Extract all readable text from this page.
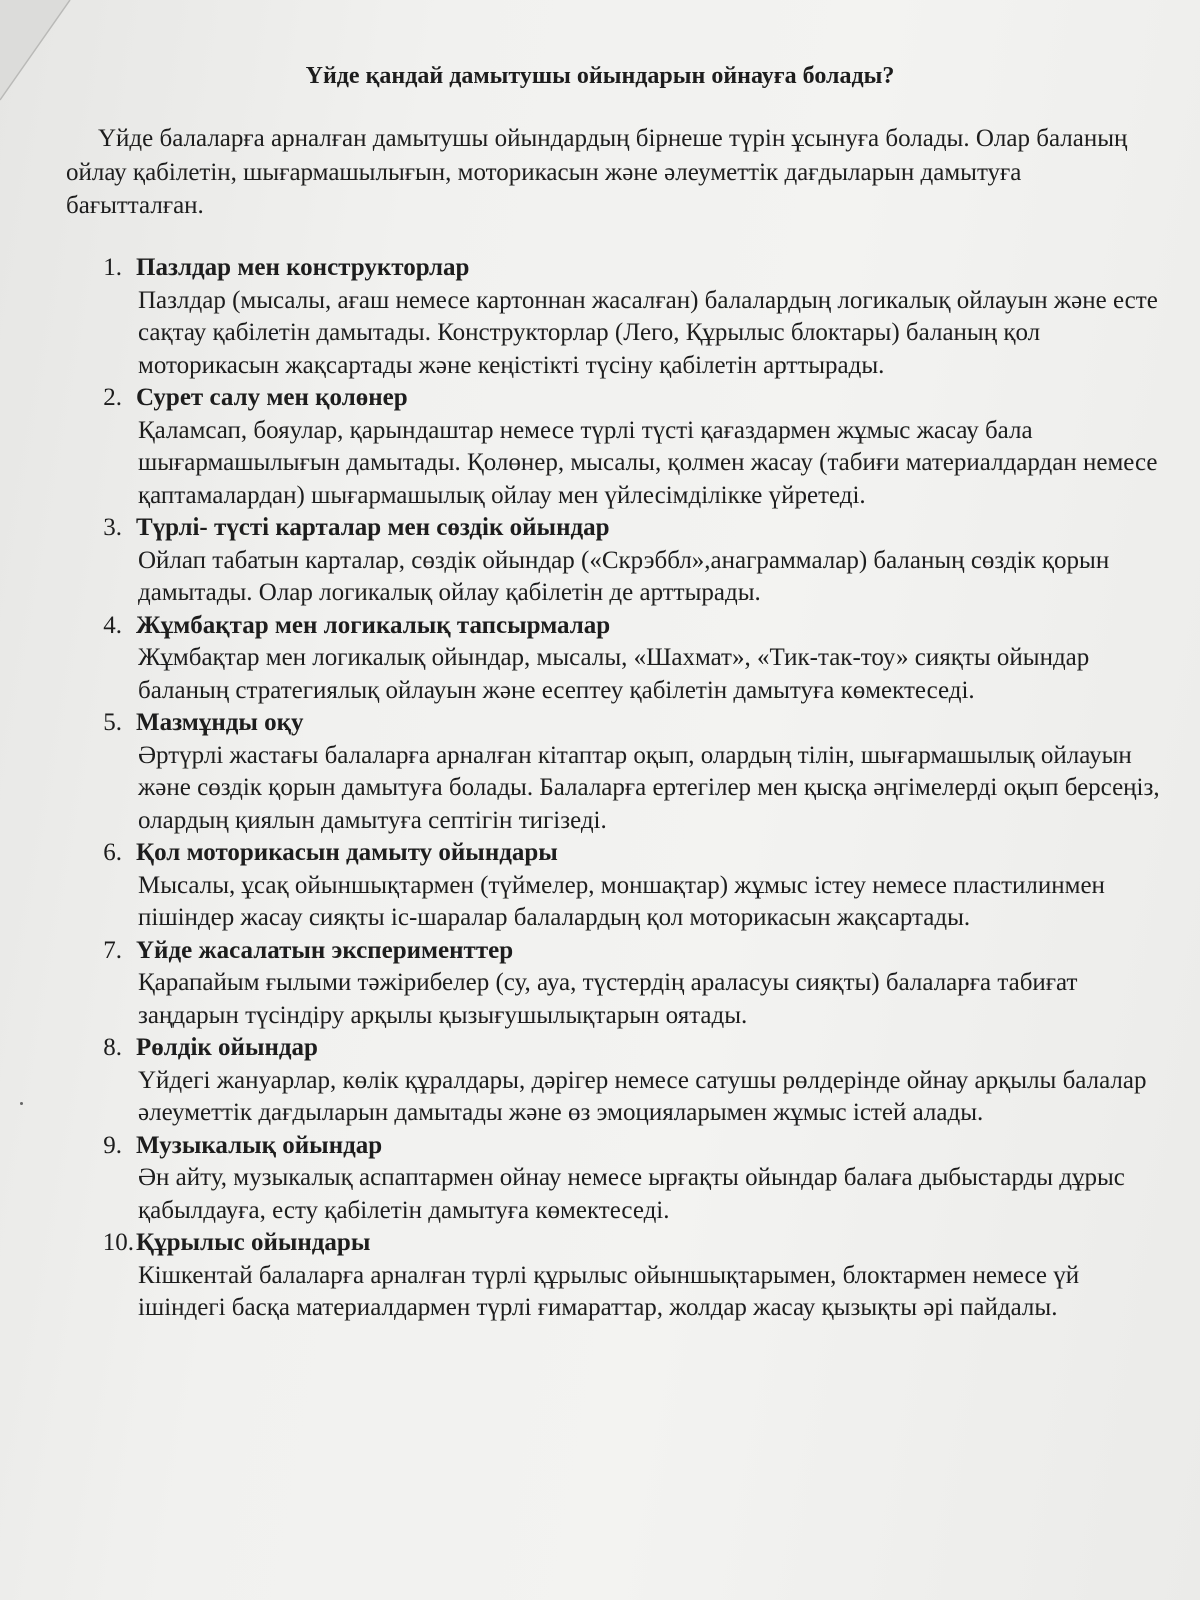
Үйде қандай дамытушы ойындарын ойнауға болады?

Үйде балаларға арналған дамытушы ойындардың бірнеше түрін ұсынуға болады. Олар баланың ойлау қабілетін, шығармашылығын, моторикасын және әлеуметтік дағдыларын дамытуға бағытталған.

1. Пазлдар мен конструкторлар

Пазлдар (мысалы, ағаш немесе картоннан жасалған) балалардың логикалық ойлауын және есте сақтау қабілетін дамытады. Конструкторлар (Лего, Құрылыс блоктары) баланың қол моторикасын жақсартады және кеңістікті түсіну қабілетін арттырады.

2. Сурет салу мен қолөнер

Қаламсап, бояулар, қарындаштар немесе түрлі түсті қағаздармен жұмыс жасау бала шығармашылығын дамытады. Қолөнер, мысалы, қолмен жасау (табиғи материалдардан немесе қаптамалардан) шығармашылық ойлау мен үйлесімділікке үйретеді.

3. Түрлі- түсті карталар мен сөздік ойындар

Ойлап табатын карталар, сөздік ойындар («Скрэббл»,анаграммалар) баланың сөздік қорын дамытады. Олар логикалық ойлау қабілетін де арттырады.

4. Жұмбақтар мен логикалық тапсырмалар

Жұмбақтар мен логикалық ойындар, мысалы, «Шахмат», «Тик-так-тоу» сияқты ойындар баланың стратегиялық ойлауын және есептеу қабілетін дамытуға көмектеседі.

5. Мазмұнды оқу

Әртүрлі жастағы балаларға арналған кітаптар оқып, олардың тілін, шығармашылық ойлауын және сөздік қорын дамытуға болады. Балаларға ертегілер мен қысқа әңгімелерді оқып берсеңіз, олардың қиялын дамытуға септігін тигізеді.

6. Қол моторикасын дамыту ойындары

Мысалы, ұсақ ойыншықтармен (түймелер, моншақтар) жұмыс істеу немесе пластилинмен пішіндер жасау сияқты іс-шаралар балалардың қол моторикасын жақсартады.

7. Үйде жасалатын эксперименттер

Қарапайым ғылыми тәжірибелер (су, ауа, түстердің араласуы сияқты) балаларға табиғат заңдарын түсіндіру арқылы қызығушылықтарын оятады.

8. Рөлдік ойындар

Үйдегі жануарлар, көлік құралдары, дәрігер немесе сатушы рөлдерінде ойнау арқылы балалар әлеуметтік дағдыларын дамытады және өз эмоцияларымен жұмыс істей алады.

9. Музыкалық ойындар

Ән айту, музыкалық аспаптармен ойнау немесе ырғақты ойындар балаға дыбыстарды дұрыс қабылдауға, есту қабілетін дамытуға көмектеседі.

10. Құрылыс ойындары

Кішкентай балаларға арналған түрлі құрылыс ойыншықтарымен, блоктармен немесе үй ішіндегі басқа материалдармен түрлі ғимараттар, жолдар жасау қызықты әрі пайдалы.
